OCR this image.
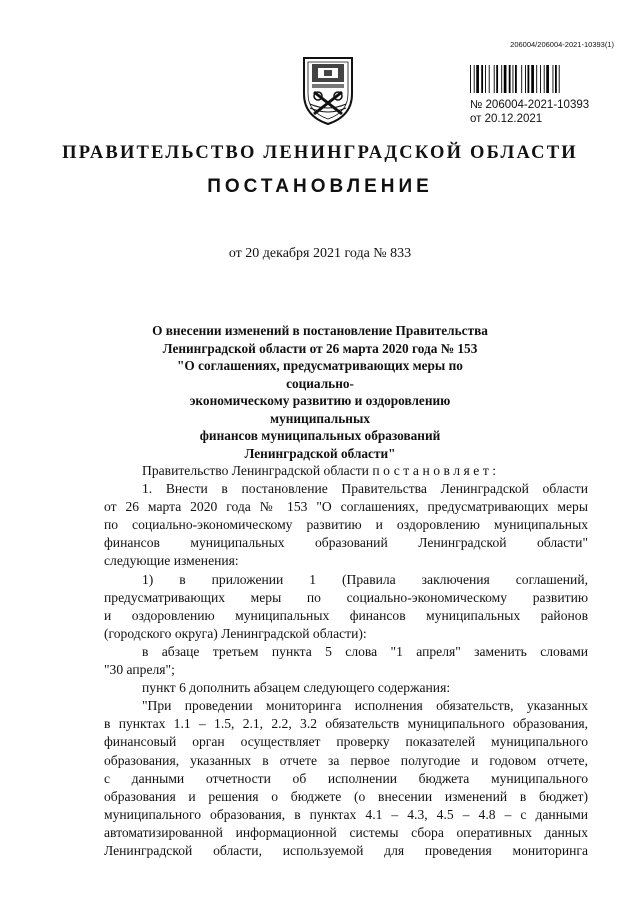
206004/206004-2021-10393(1)
№ 206004-2021-10393
от 20.12.2021
ПРАВИТЕЛЬСТВО ЛЕНИНГРАДСКОЙ ОБЛАСТИ
ПОСТАНОВЛЕНИЕ
от 20 декабря 2021 года № 833
О внесении изменений в постановление Правительства
Ленинградской области от 26 марта 2020 года № 153
"О соглашениях, предусматривающих меры по социально-
экономическому развитию и оздоровлению муниципальных
финансов муниципальных образований
Ленинградской области"

Правительство Ленинградской области постановляет:

1. Внести в постановление Правительства Ленинградской области

от 26 марта 2020 года № 153 "О соглашениях, предусматривающих меры

по социально-экономическому развитию и оздоровлению муниципальных

финансов муниципальных образований Ленинградской области"

следующие изменения:

1) в приложении 1 (Правила заключения соглашений,

предусматривающих меры по социально-экономическому развитию

и оздоровлению муниципальных финансов муниципальных районов

(городского округа) Ленинградской области):

в абзаце третьем пункта 5 слова "1 апреля" заменить словами

"30 апреля";

пункт 6 дополнить абзацем следующего содержания:

"При проведении мониторинга исполнения обязательств, указанных

в пунктах 1.1 – 1.5, 2.1, 2.2, 3.2 обязательств муниципального образования,

финансовый орган осуществляет проверку показателей муниципального

образования, указанных в отчете за первое полугодие и годовом отчете,

с данными отчетности об исполнении бюджета муниципального

образования и решения о бюджете (о внесении изменений в бюджет)

муниципального образования, в пунктах 4.1 – 4.3, 4.5 – 4.8 – с данными

автоматизированной информационной системы сбора оперативных данных

Ленинградской области, используемой для проведения мониторинга
